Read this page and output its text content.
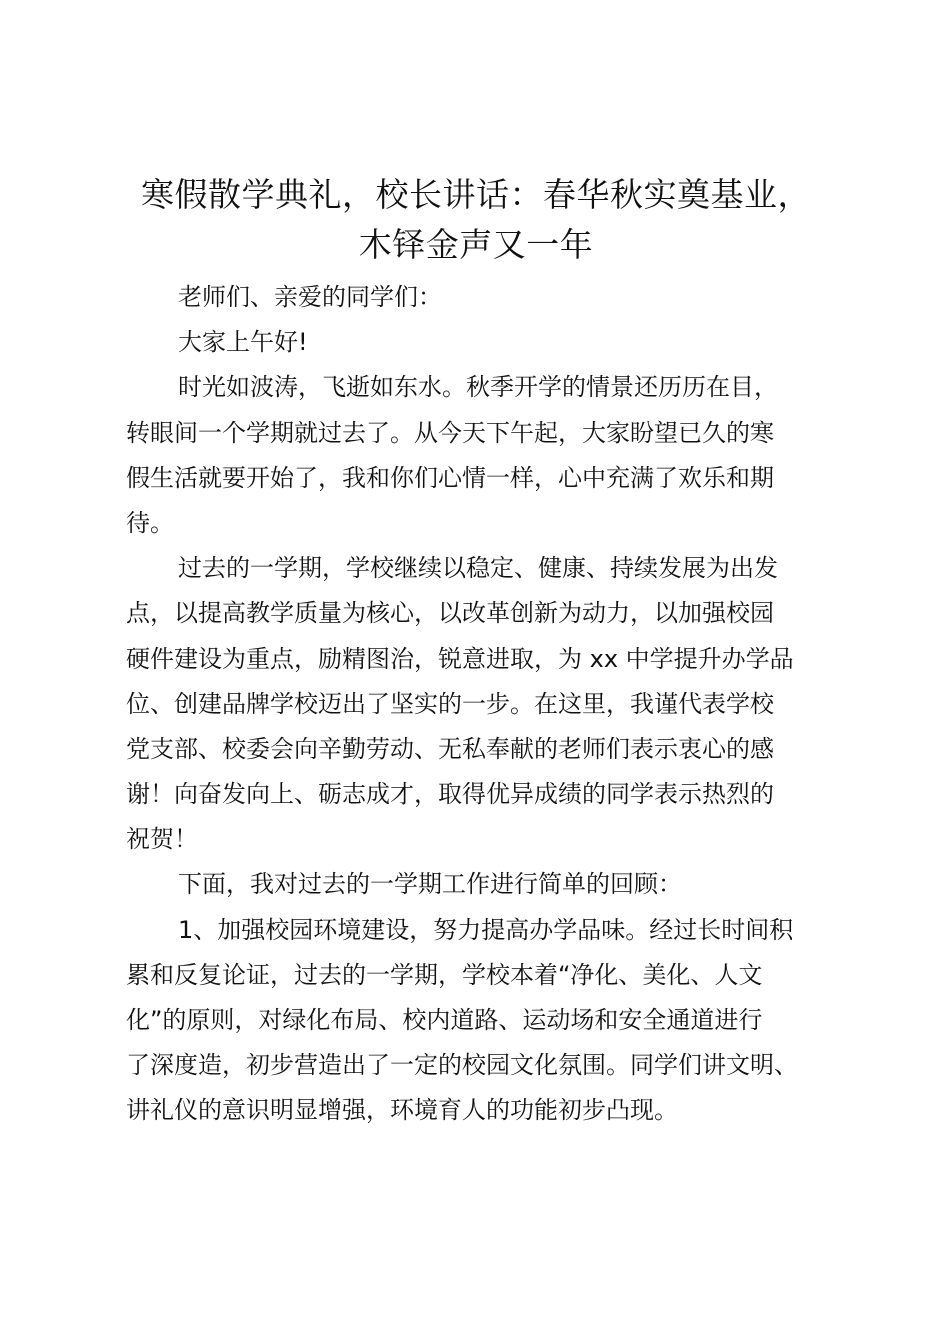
寒假散学典礼，校长讲话：春华秋实奠基业，
木铎金声又一年
老师们、亲爱的同学们：
大家上午好!
时光如波涛，飞逝如东水。秋季开学的情景还历历在目，
转眼间一个学期就过去了。从今天下午起，大家盼望已久的寒
假生活就要开始了，我和你们心情一样，心中充满了欢乐和期
待。
过去的一学期，学校继续以稳定、健康、持续发展为出发
点，以提高教学质量为核心，以改革创新为动力，以加强校园
硬件建设为重点，励精图治，锐意进取，为 xx 中学提升办学品
位、创建品牌学校迈出了坚实的一步。在这里，我谨代表学校
党支部、校委会向辛勤劳动、无私奉献的老师们表示衷心的感
谢！向奋发向上、砺志成才，取得优异成绩的同学表示热烈的
祝贺！
下面，我对过去的一学期工作进行简单的回顾：
1、加强校园环境建设，努力提高办学品味。经过长时间积
累和反复论证，过去的一学期，学校本着“净化、美化、人文
化”的原则，对绿化布局、校内道路、运动场和安全通道进行
了深度造，初步营造出了一定的校园文化氛围。同学们讲文明、
讲礼仪的意识明显增强，环境育人的功能初步凸现。
